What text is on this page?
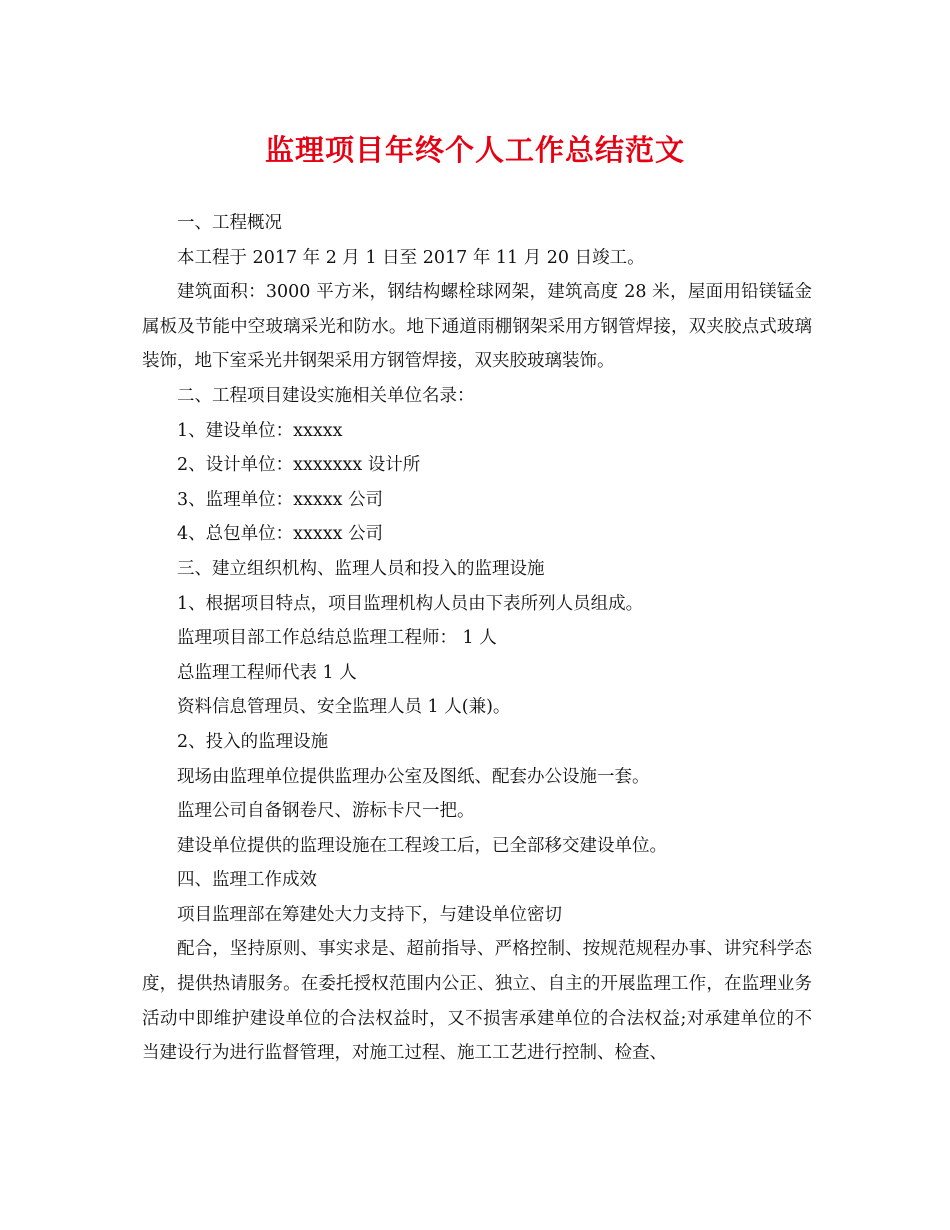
监理项目年终个人工作总结范文

一、工程概况

本工程于 2017 年 2 月 1 日至 2017 年 11 月 20 日竣工。

建筑面积：3000 平方米，钢结构螺栓球网架，建筑高度 28 米，屋面用铅镁锰金属板及节能中空玻璃采光和防水。地下通道雨棚钢架采用方钢管焊接，双夹胶点式玻璃装饰，地下室采光井钢架采用方钢管焊接，双夹胶玻璃装饰。

二、工程项目建设实施相关单位名录：

1、建设单位：xxxxx

2、设计单位：xxxxxxx 设计所

3、监理单位：xxxxx 公司

4、总包单位：xxxxx 公司

三、建立组织机构、监理人员和投入的监理设施

1、根据项目特点，项目监理机构人员由下表所列人员组成。

监理项目部工作总结总监理工程师： 1 人

总监理工程师代表 1 人

资料信息管理员、安全监理人员 1 人(兼)。

2、投入的监理设施

现场由监理单位提供监理办公室及图纸、配套办公设施一套。

监理公司自备钢卷尺、游标卡尺一把。

建设单位提供的监理设施在工程竣工后，已全部移交建设单位。

四、监理工作成效

项目监理部在筹建处大力支持下，与建设单位密切

配合，坚持原则、事实求是、超前指导、严格控制、按规范规程办事、讲究科学态度，提供热请服务。在委托授权范围内公正、独立、自主的开展监理工作，在监理业务活动中即维护建设单位的合法权益时，又不损害承建单位的合法权益;对承建单位的不当建设行为进行监督管理，对施工过程、施工工艺进行控制、检查、
